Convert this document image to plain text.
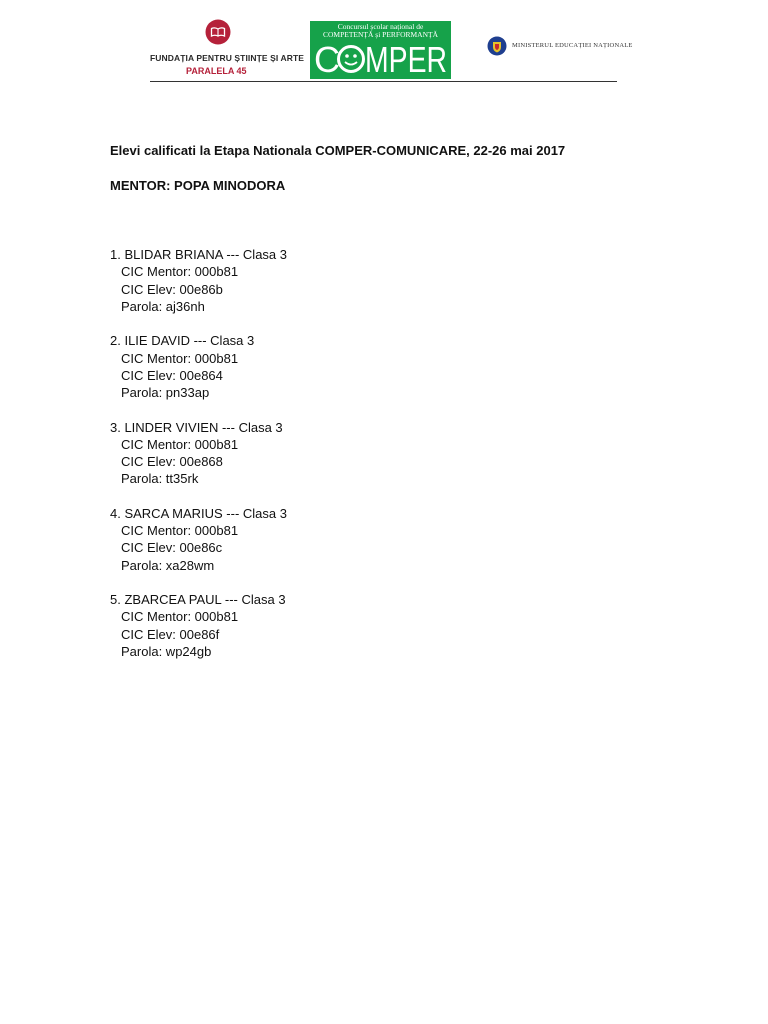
FUNDAȚIA PENTRU ȘTIINȚE ȘI ARTE
PARALELA 45
Concursul școlar național de
COMPETENȚĂ și PERFORMANȚĂ
C MPER	MINISTERUL EDUCAȚIEI NAȚIONALE
Elevi calificati la Etapa Nationala COMPER-COMUNICARE, 22-26 mai 2017
MENTOR: POPA MINODORA
1. BLIDAR BRIANA --- Clasa 3
CIC Mentor: 000b81
CIC Elev: 00e86b
Parola: aj36nh
2. ILIE DAVID --- Clasa 3
CIC Mentor: 000b81
CIC Elev: 00e864
Parola: pn33ap
3. LINDER VIVIEN --- Clasa 3
CIC Mentor: 000b81
CIC Elev: 00e868
Parola: tt35rk
4. SARCA MARIUS --- Clasa 3
CIC Mentor: 000b81
CIC Elev: 00e86c
Parola: xa28wm
5. ZBARCEA PAUL --- Clasa 3
CIC Mentor: 000b81
CIC Elev: 00e86f
Parola: wp24gb
